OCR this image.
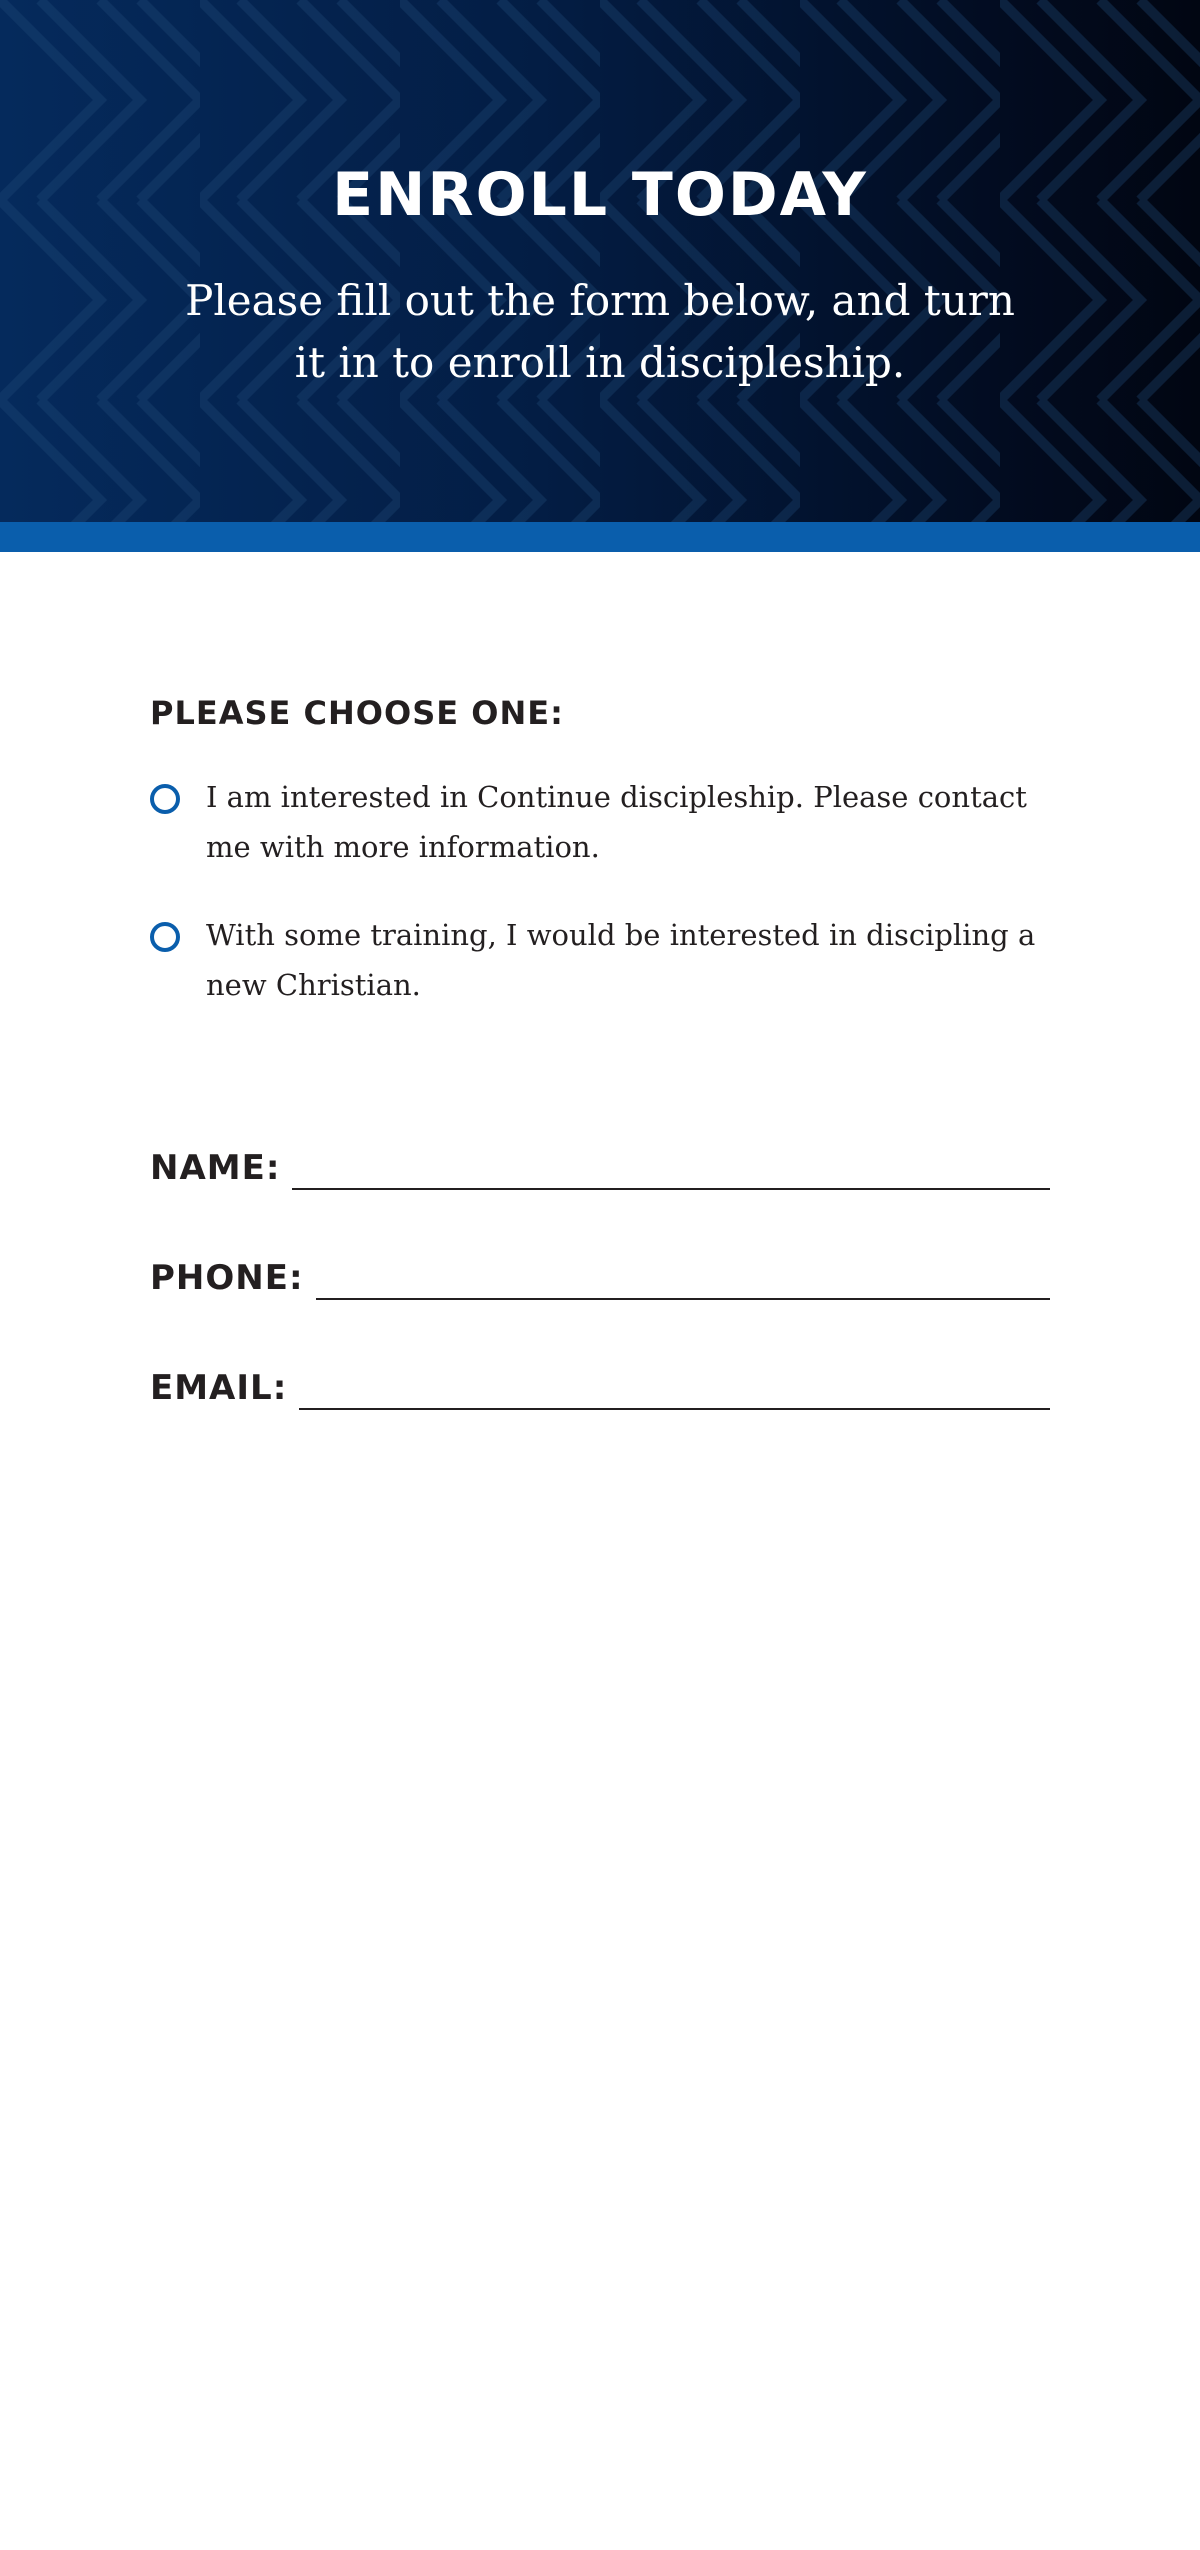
ENROLL TODAY
Please fill out the form below, and turn it in to enroll in discipleship.
PLEASE CHOOSE ONE:
I am interested in Continue discipleship. Please contact me with more information.
With some training, I would be interested in discipling a new Christian.
NAME:
PHONE:
EMAIL:
